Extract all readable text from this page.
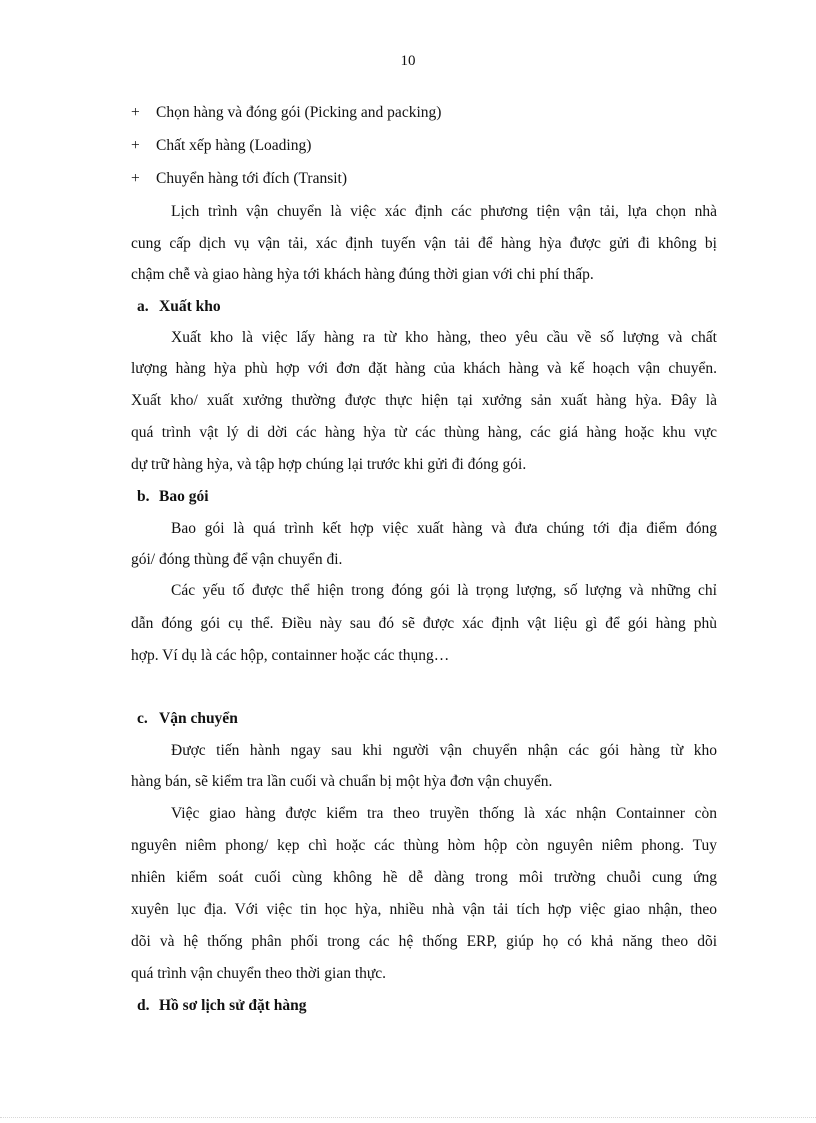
10
+ Chọn hàng và đóng gói (Picking and packing)
+ Chất xếp hàng (Loading)
+ Chuyển hàng tới đích (Transit)
Lịch trình vận chuyển là việc xác định các phương tiện vận tải, lựa chọn nhà
cung cấp dịch vụ vận tải, xác định tuyến vận tải để hàng hỳa được gửi đi không bị
chậm chễ và giao hàng hỳa tới khách hàng đúng thời gian với chi phí thấp.
a. Xuất kho
Xuất kho là việc lấy hàng ra từ kho hàng, theo yêu cầu về số lượng và chất
lượng hàng hỳa phù hợp với đơn đặt hàng của khách hàng và kế hoạch vận chuyển.
Xuất kho/ xuất xưởng thường được thực hiện tại xưởng sản xuất hàng hỳa. Đây là
quá trình vật lý di dời các hàng hỳa từ các thùng hàng, các giá hàng hoặc khu vực
dự trữ hàng hỳa, và tập hợp chúng lại trước khi gửi đi đóng gói.
b. Bao gói
Bao gói là quá trình kết hợp việc xuất hàng và đưa chúng tới địa điểm đóng
gói/ đóng thùng để vận chuyển đi.
Các yếu tố được thể hiện trong đóng gói là trọng lượng, số lượng và những chỉ
dẫn đóng gói cụ thể. Điều này sau đó sẽ được xác định vật liệu gì để gói hàng phù
hợp. Ví dụ là các hộp, containner hoặc các thụng…
c. Vận chuyển
Được tiến hành ngay sau khi người vận chuyển nhận các gói hàng từ kho
hàng bán, sẽ kiểm tra lần cuối và chuẩn bị một hỳa đơn vận chuyển.
Việc giao hàng được kiểm tra theo truyền thống là xác nhận Containner còn
nguyên niêm phong/ kẹp chì hoặc các thùng hòm hộp còn nguyên niêm phong. Tuy
nhiên kiểm soát cuối cùng không hề dễ dàng trong môi trường chuỗi cung ứng
xuyên lục địa. Với việc tin học hỳa, nhiều nhà vận tải tích hợp việc giao nhận, theo
dõi và hệ thống phân phối trong các hệ thống ERP, giúp họ có khả năng theo dõi
quá trình vận chuyển theo thời gian thực.
d. Hồ sơ lịch sử đặt hàng
